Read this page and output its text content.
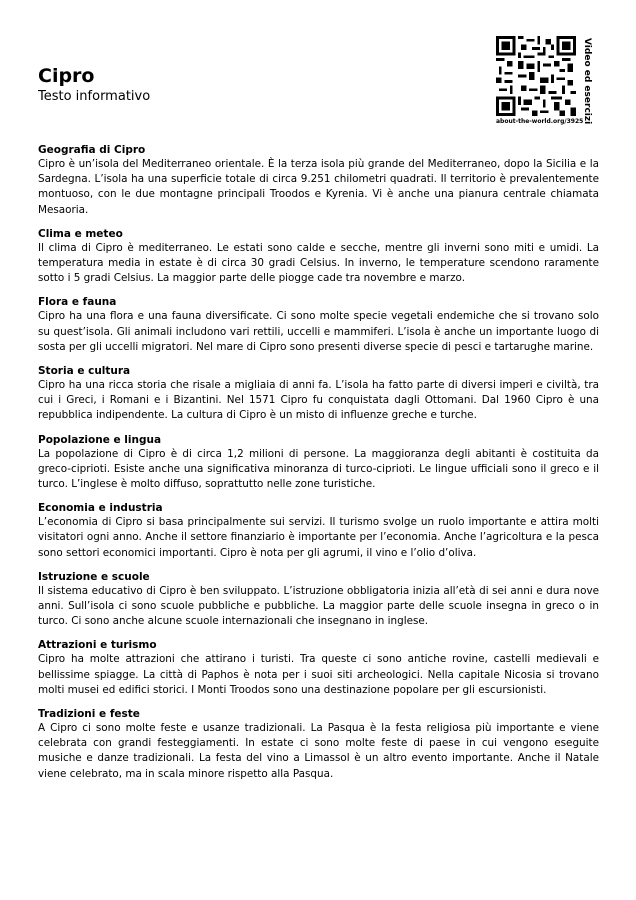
Cipro

Testo informativo	Video ed esercizi
about-the-world.org/3925
Geografia di Cipro

Cipro è un’isola del Mediterraneo orientale. È la terza isola più grande del Mediterraneo, dopo la Sicilia e la Sardegna. L’isola ha una superficie totale di circa 9.251 chilometri quadrati. Il territorio è prevalentemente montuoso, con le due montagne principali Troodos e Kyrenia. Vi è anche una pianura centrale chiamata Mesaoria.

Clima e meteo

Il clima di Cipro è mediterraneo. Le estati sono calde e secche, mentre gli inverni sono miti e umidi. La temperatura media in estate è di circa 30 gradi Celsius. In inverno, le temperature scendono raramente sotto i 5 gradi Celsius. La maggior parte delle piogge cade tra novembre e marzo.

Flora e fauna

Cipro ha una flora e una fauna diversificate. Ci sono molte specie vegetali endemiche che si trovano solo su quest’isola. Gli animali includono vari rettili, uccelli e mammiferi. L’isola è anche un importante luogo di sosta per gli uccelli migratori. Nel mare di Cipro sono presenti diverse specie di pesci e tartarughe marine.

Storia e cultura

Cipro ha una ricca storia che risale a migliaia di anni fa. L’isola ha fatto parte di diversi imperi e civiltà, tra cui i Greci, i Romani e i Bizantini. Nel 1571 Cipro fu conquistata dagli Ottomani. Dal 1960 Cipro è una repubblica indipendente. La cultura di Cipro è un misto di influenze greche e turche.

Popolazione e lingua

La popolazione di Cipro è di circa 1,2 milioni di persone. La maggioranza degli abitanti è costituita da greco-ciprioti. Esiste anche una significativa minoranza di turco-ciprioti. Le lingue ufficiali sono il greco e il turco. L’inglese è molto diffuso, soprattutto nelle zone turistiche.

Economia e industria

L’economia di Cipro si basa principalmente sui servizi. Il turismo svolge un ruolo importante e attira molti visitatori ogni anno. Anche il settore finanziario è importante per l’economia. Anche l’agricoltura e la pesca sono settori economici importanti. Cipro è nota per gli agrumi, il vino e l’olio d’oliva.

Istruzione e scuole

Il sistema educativo di Cipro è ben sviluppato. L’istruzione obbligatoria inizia all’età di sei anni e dura nove anni. Sull’isola ci sono scuole pubbliche e pubbliche. La maggior parte delle scuole insegna in greco o in turco. Ci sono anche alcune scuole internazionali che insegnano in inglese.

Attrazioni e turismo

Cipro ha molte attrazioni che attirano i turisti. Tra queste ci sono antiche rovine, castelli medievali e bellissime spiagge. La città di Paphos è nota per i suoi siti archeologici. Nella capitale Nicosia si trovano molti musei ed edifici storici. I Monti Troodos sono una destinazione popolare per gli escursionisti.

Tradizioni e feste

A Cipro ci sono molte feste e usanze tradizionali. La Pasqua è la festa religiosa più importante e viene celebrata con grandi festeggiamenti. In estate ci sono molte feste di paese in cui vengono eseguite musiche e danze tradizionali. La festa del vino a Limassol è un altro evento importante. Anche il Natale viene celebrato, ma in scala minore rispetto alla Pasqua.
